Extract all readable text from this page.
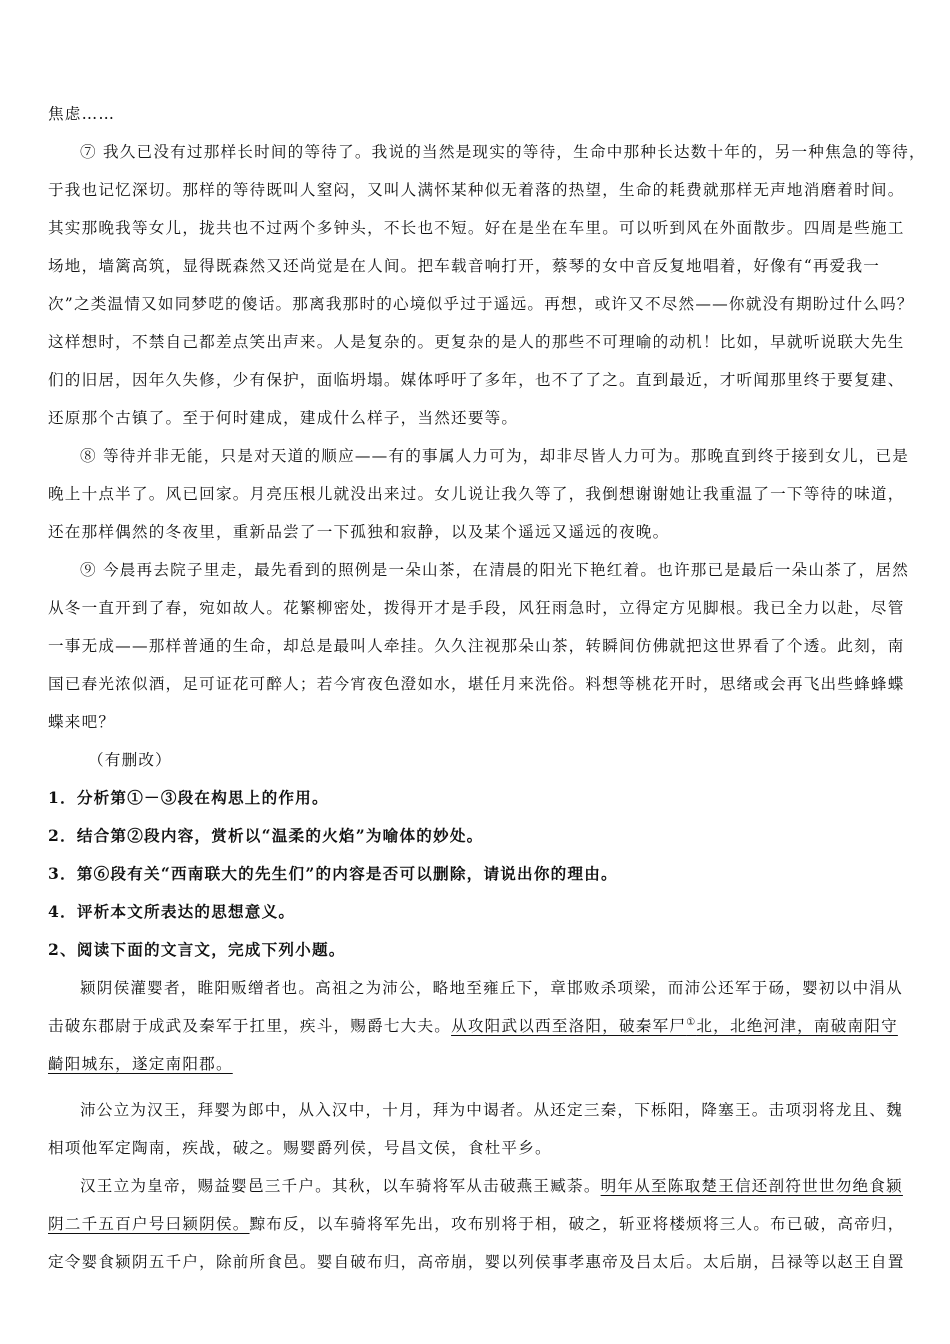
焦虑……
⑦ 我久已没有过那样长时间的等待了。我说的当然是现实的等待，生命中那种长达数十年的，另一种焦急的等待，
于我也记忆深切。那样的等待既叫人窒闷，又叫人满怀某种似无着落的热望，生命的耗费就那样无声地消磨着时间。
其实那晚我等女儿，拢共也不过两个多钟头，不长也不短。好在是坐在车里。可以听到风在外面散步。四周是些施工
场地，墙篱高筑，显得既森然又还尚觉是在人间。把车载音响打开，蔡琴的女中音反复地唱着，好像有“再爱我一
次”之类温情又如同梦呓的傻话。那离我那时的心境似乎过于遥远。再想，或许又不尽然——你就没有期盼过什么吗？
这样想时，不禁自己都差点笑出声来。人是复杂的。更复杂的是人的那些不可理喻的动机！比如，早就听说联大先生
们的旧居，因年久失修，少有保护，面临坍塌。媒体呼吁了多年，也不了了之。直到最近，才听闻那里终于要复建、
还原那个古镇了。至于何时建成，建成什么样子，当然还要等。
⑧ 等待并非无能，只是对天道的顺应——有的事属人力可为，却非尽皆人力可为。那晚直到终于接到女儿，已是
晚上十点半了。风已回家。月亮压根儿就没出来过。女儿说让我久等了，我倒想谢谢她让我重温了一下等待的味道，
还在那样偶然的冬夜里，重新品尝了一下孤独和寂静，以及某个遥远又遥远的夜晚。
⑨ 今晨再去院子里走，最先看到的照例是一朵山茶，在清晨的阳光下艳红着。也许那已是最后一朵山茶了，居然
从冬一直开到了春，宛如故人。花繁柳密处，拨得开才是手段，风狂雨急时，立得定方见脚根。我已全力以赴，尽管
一事无成——那样普通的生命，却总是最叫人牵挂。久久注视那朵山茶，转瞬间仿佛就把这世界看了个透。此刻，南
国已春光浓似酒，足可证花可醉人；若今宵夜色澄如水，堪任月来洗俗。料想等桃花开时，思绪或会再飞出些蜂蜂蝶
蝶来吧？
（有删改）
1．分析第①－③段在构思上的作用。
2．结合第②段内容，赏析以“温柔的火焰”为喻体的妙处。
3．第⑥段有关“西南联大的先生们”的内容是否可以删除，请说出你的理由。
4．评析本文所表达的思想意义。
2、阅读下面的文言文，完成下列小题。
颍阴侯灌婴者，睢阳贩缯者也。高祖之为沛公，略地至雍丘下，章邯败杀项梁，而沛公还军于砀，婴初以中涓从
击破东郡尉于成武及秦军于扛里，疾斗，赐爵七大夫。从攻阳武以西至洛阳，破秦军尸①北，北绝河津，南破南阳守
齮阳城东，遂定南阳郡。
沛公立为汉王，拜婴为郎中，从入汉中，十月，拜为中谒者。从还定三秦，下栎阳，降塞王。击项羽将龙且、魏
相项他军定陶南，疾战，破之。赐婴爵列侯，号昌文侯，食杜平乡。
汉王立为皇帝，赐益婴邑三千户。其秋，以车骑将军从击破燕王臧荼。明年从至陈取楚王信还剖符世世勿绝食颍
阴二千五百户号曰颍阴侯。黥布反，以车骑将军先出，攻布别将于相，破之，斩亚将楼烦将三人。布已破，高帝归，
定令婴食颍阴五千户，除前所食邑。婴自破布归，高帝崩，婴以列侯事孝惠帝及吕太后。太后崩，吕禄等以赵王自置
